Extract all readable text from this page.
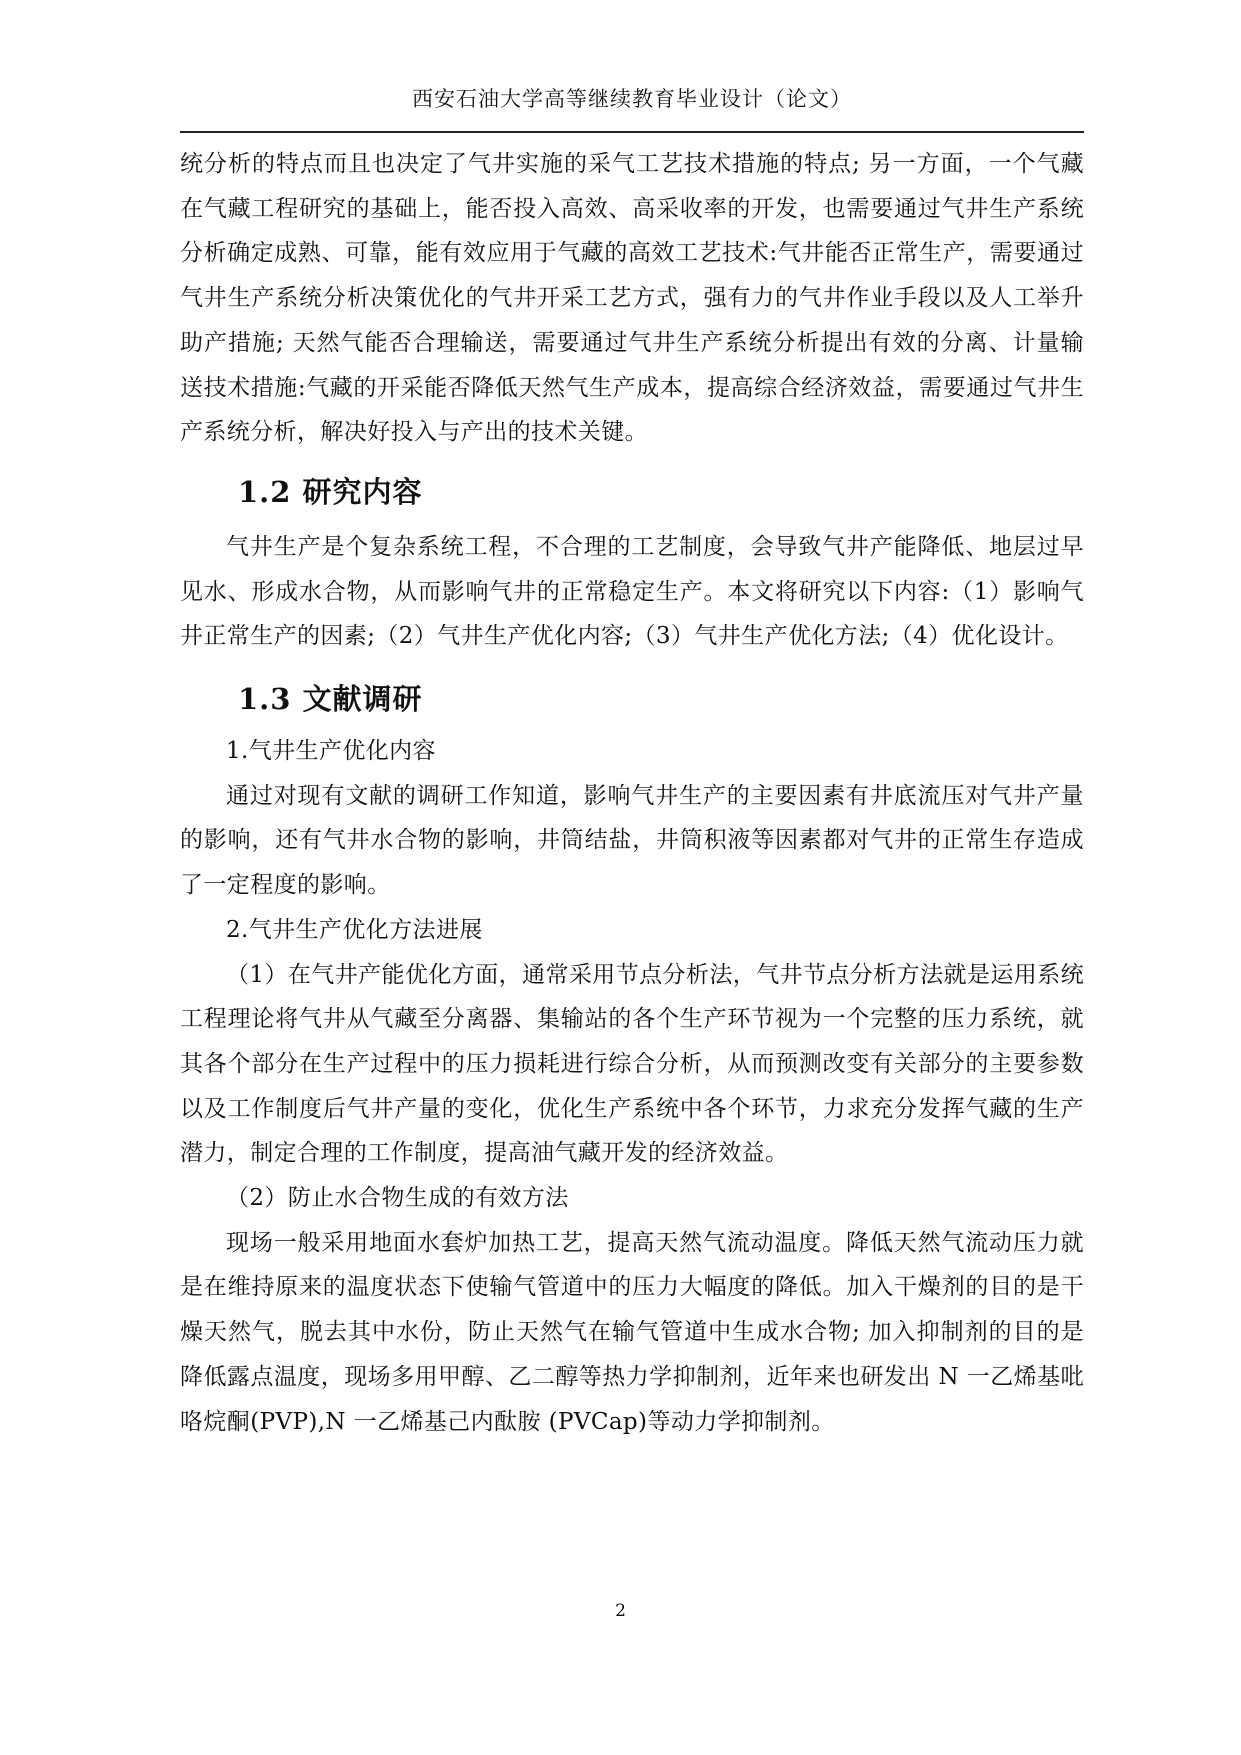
西安石油大学高等继续教育毕业设计（论文）

统分析的特点而且也决定了气井实施的采气工艺技术措施的特点; 另一方面，一个气藏在气藏工程研究的基础上，能否投入高效、高采收率的开发，也需要通过气井生产系统分析确定成熟、可靠，能有效应用于气藏的高效工艺技术:气井能否正常生产，需要通过气井生产系统分析决策优化的气井开采工艺方式，强有力的气井作业手段以及人工举升助产措施; 天然气能否合理输送，需要通过气井生产系统分析提出有效的分离、计量输送技术措施:气藏的开采能否降低天然气生产成本，提高综合经济效益，需要通过气井生产系统分析，解决好投入与产出的技术关键。

1.2 研究内容

气井生产是个复杂系统工程，不合理的工艺制度，会导致气井产能降低、地层过早见水、形成水合物，从而影响气井的正常稳定生产。本文将研究以下内容:（1）影响气井正常生产的因素;（2）气井生产优化内容;（3）气井生产优化方法;（4）优化设计。

1.3 文献调研

1.气井生产优化内容

通过对现有文献的调研工作知道，影响气井生产的主要因素有井底流压对气井产量的影响，还有气井水合物的影响，井筒结盐，井筒积液等因素都对气井的正常生存造成了一定程度的影响。

2.气井生产优化方法进展

（1）在气井产能优化方面，通常采用节点分析法，气井节点分析方法就是运用系统工程理论将气井从气藏至分离器、集输站的各个生产环节视为一个完整的压力系统，就其各个部分在生产过程中的压力损耗进行综合分析，从而预测改变有关部分的主要参数以及工作制度后气井产量的变化，优化生产系统中各个环节，力求充分发挥气藏的生产潜力，制定合理的工作制度，提高油气藏开发的经济效益。

（2）防止水合物生成的有效方法

现场一般采用地面水套炉加热工艺，提高天然气流动温度。降低天然气流动压力就是在维持原来的温度状态下使输气管道中的压力大幅度的降低。加入干燥剂的目的是干燥天然气，脱去其中水份，防止天然气在输气管道中生成水合物; 加入抑制剂的目的是降低露点温度，现场多用甲醇、乙二醇等热力学抑制剂，近年来也研发出 N 一乙烯基吡咯烷酮(PVP),N 一乙烯基己内酞胺 (PVCap)等动力学抑制剂。

2
